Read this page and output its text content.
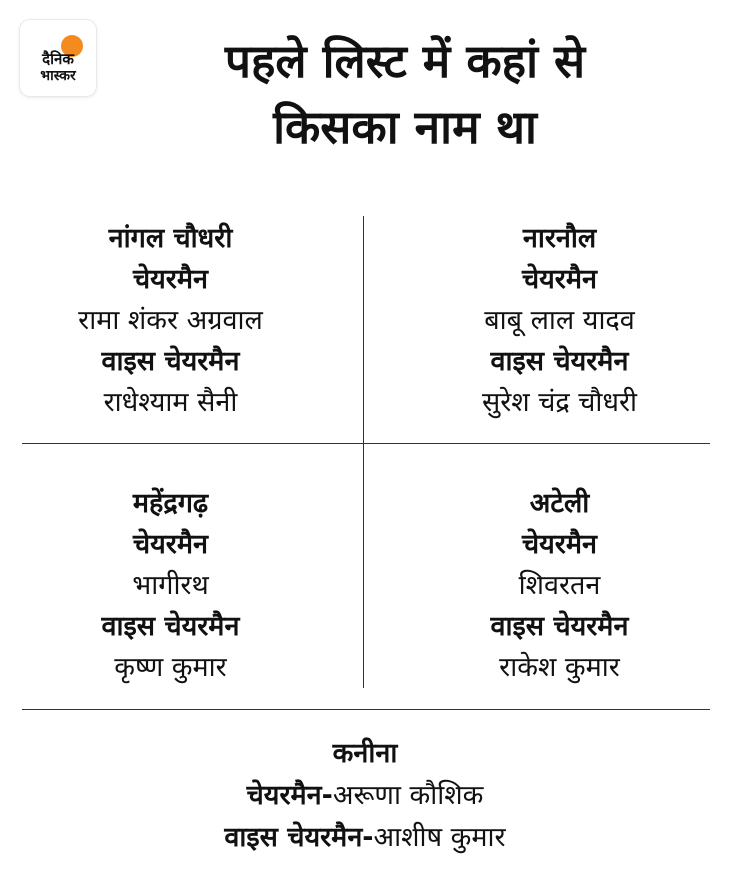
दैनिक
भास्कर	पहले लिस्ट में कहां से
किसका नाम था
नांगल चौधरी
चेयरमैन
रामा शंकर अग्रवाल
वाइस चेयरमैन
राधेश्याम सैनी
नारनौल
चेयरमैन
बाबू लाल यादव
वाइस चेयरमैन
सुरेश चंद्र चौधरी
महेंद्रगढ़
चेयरमैन
भागीरथ
वाइस चेयरमैन
कृष्ण कुमार
अटेली
चेयरमैन
शिवरतन
वाइस चेयरमैन
राकेश कुमार
कनीना
चेयरमैन-अरूणा कौशिक
वाइस चेयरमैन-आशीष कुमार
